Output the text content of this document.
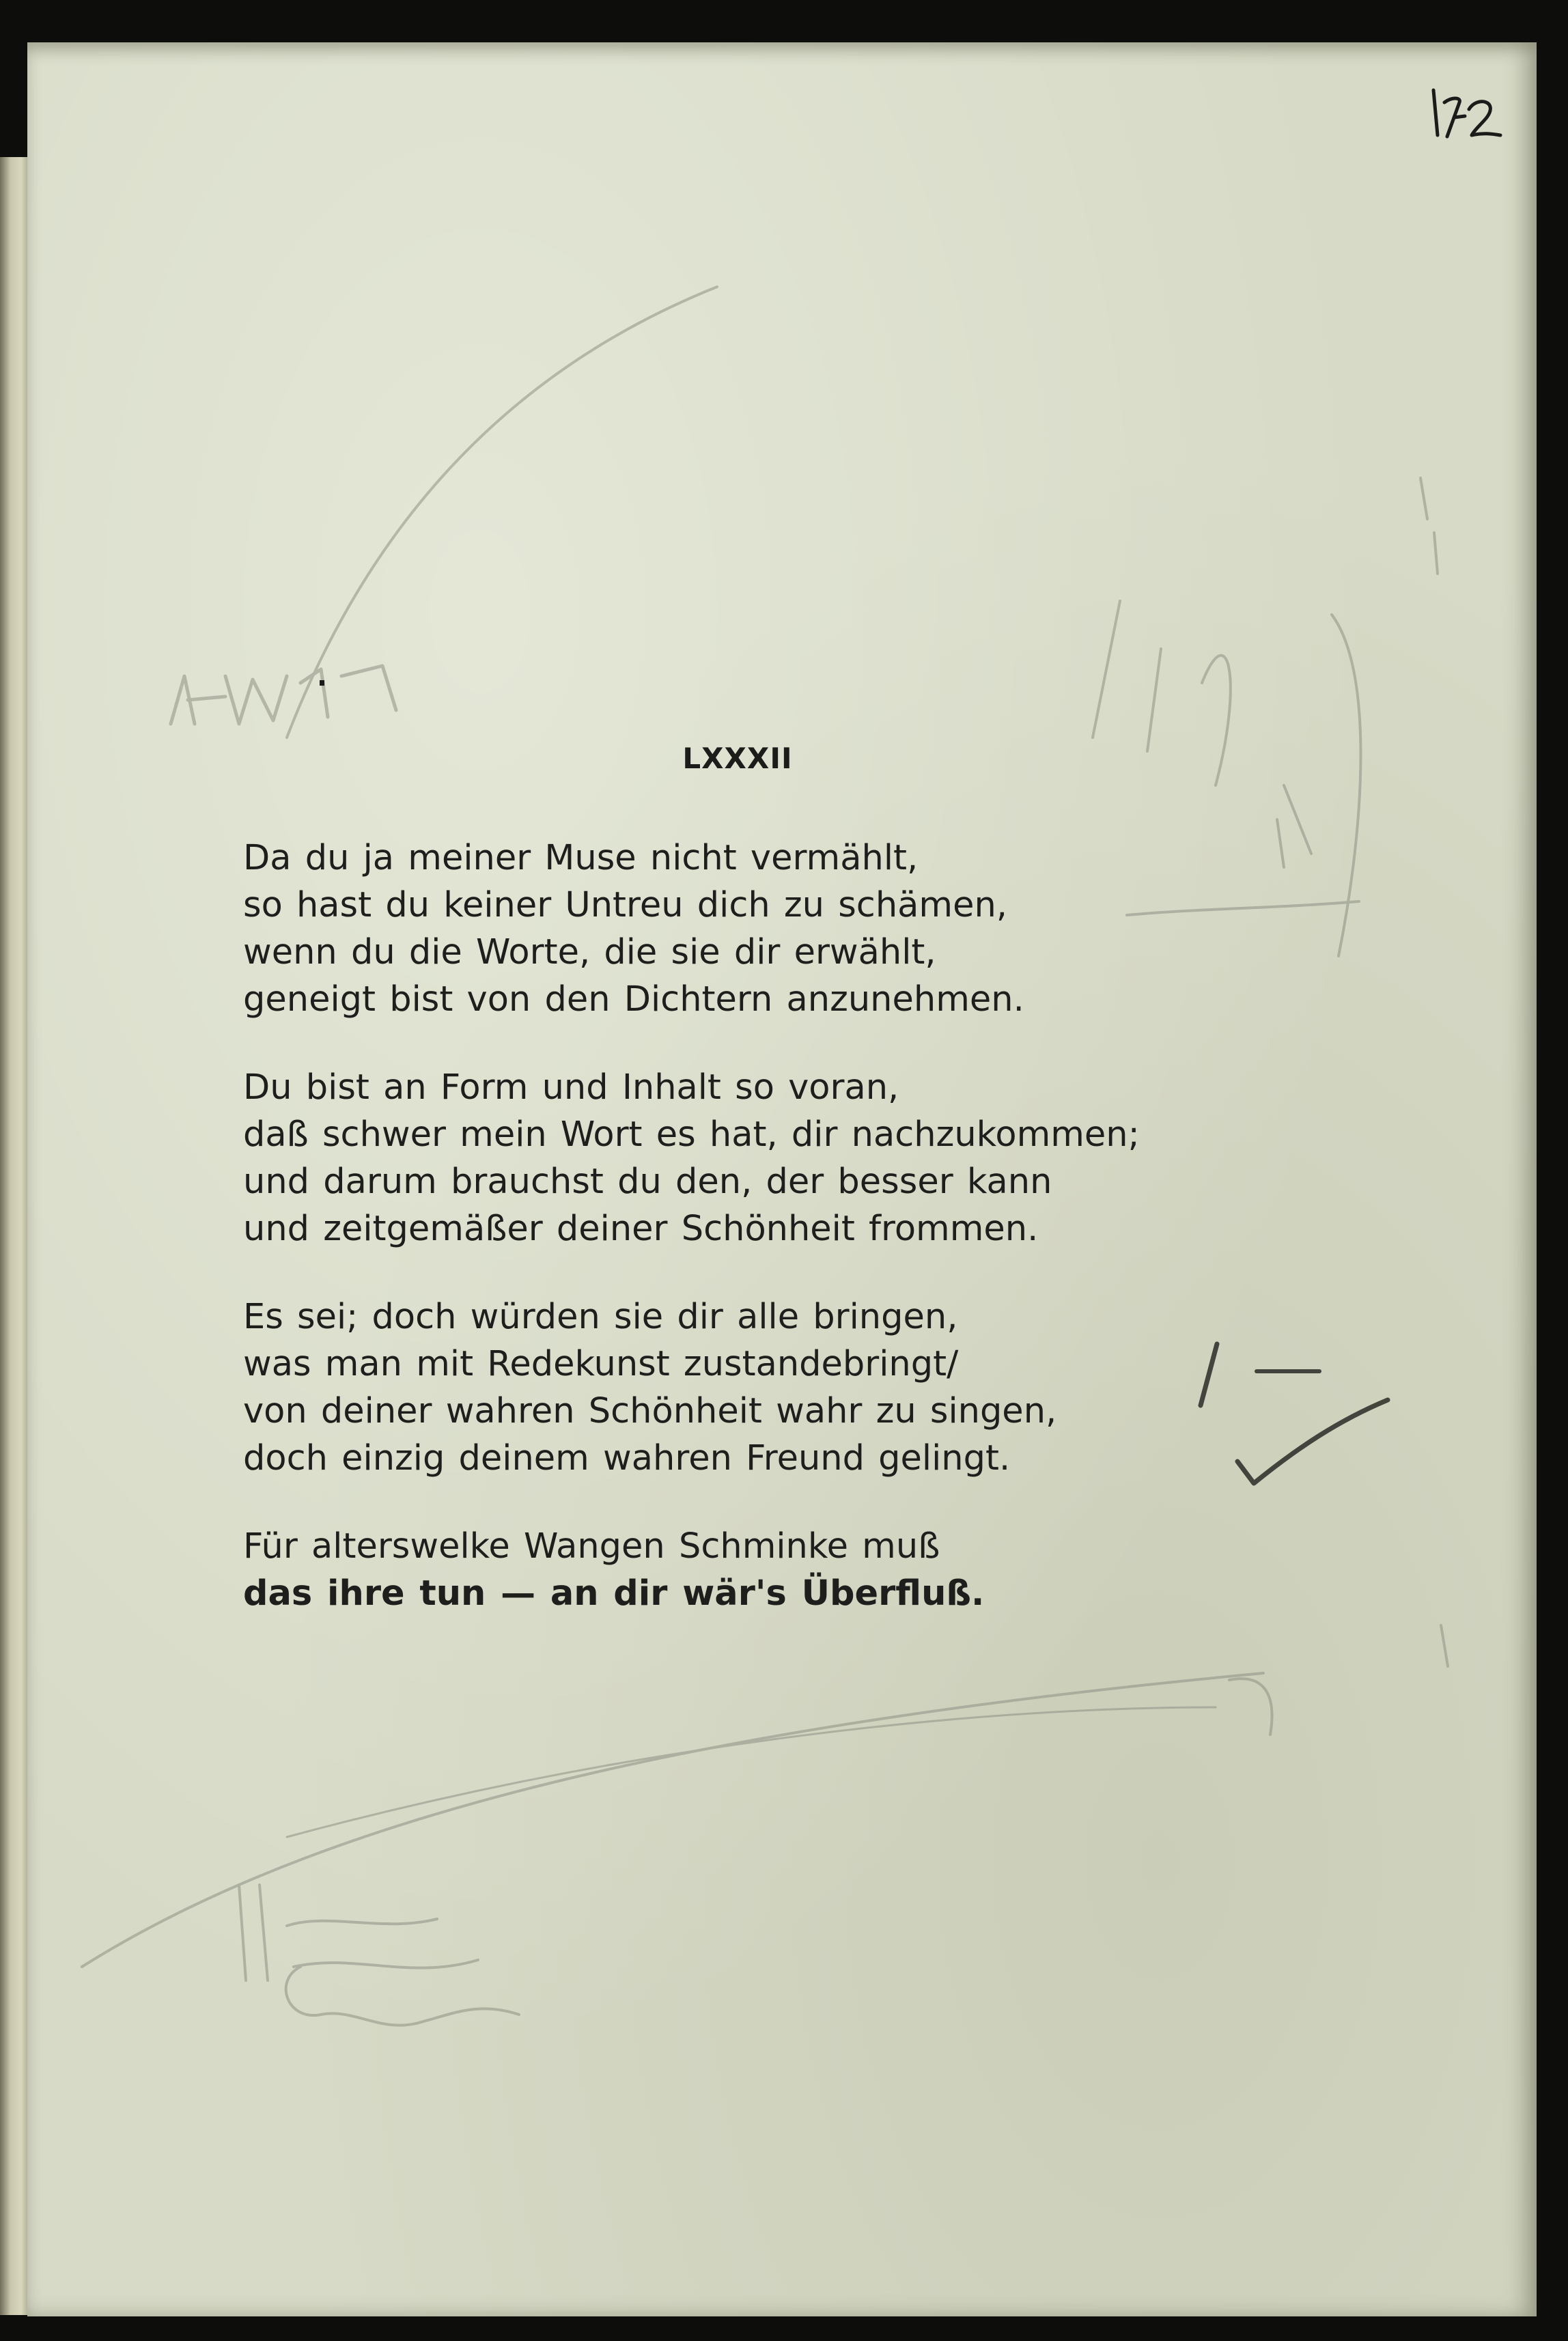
LXXXII
Da du ja meiner Muse nicht vermählt,
so hast du keiner Untreu dich zu schämen,
wenn du die Worte, die sie dir erwählt,
geneigt bist von den Dichtern anzunehmen.
Du bist an Form und Inhalt so voran,
daß schwer mein Wort es hat, dir nachzukommen;
und darum brauchst du den, der besser kann
und zeitgemäßer deiner Schönheit frommen.
Es sei; doch würden sie dir alle bringen,
was man mit Redekunst zustandebringt/
von deiner wahren Schönheit wahr zu singen,
doch einzig deinem wahren Freund gelingt.
Für alterswelke Wangen Schminke muß
das ihre tun — an dir wär's Überfluß.
